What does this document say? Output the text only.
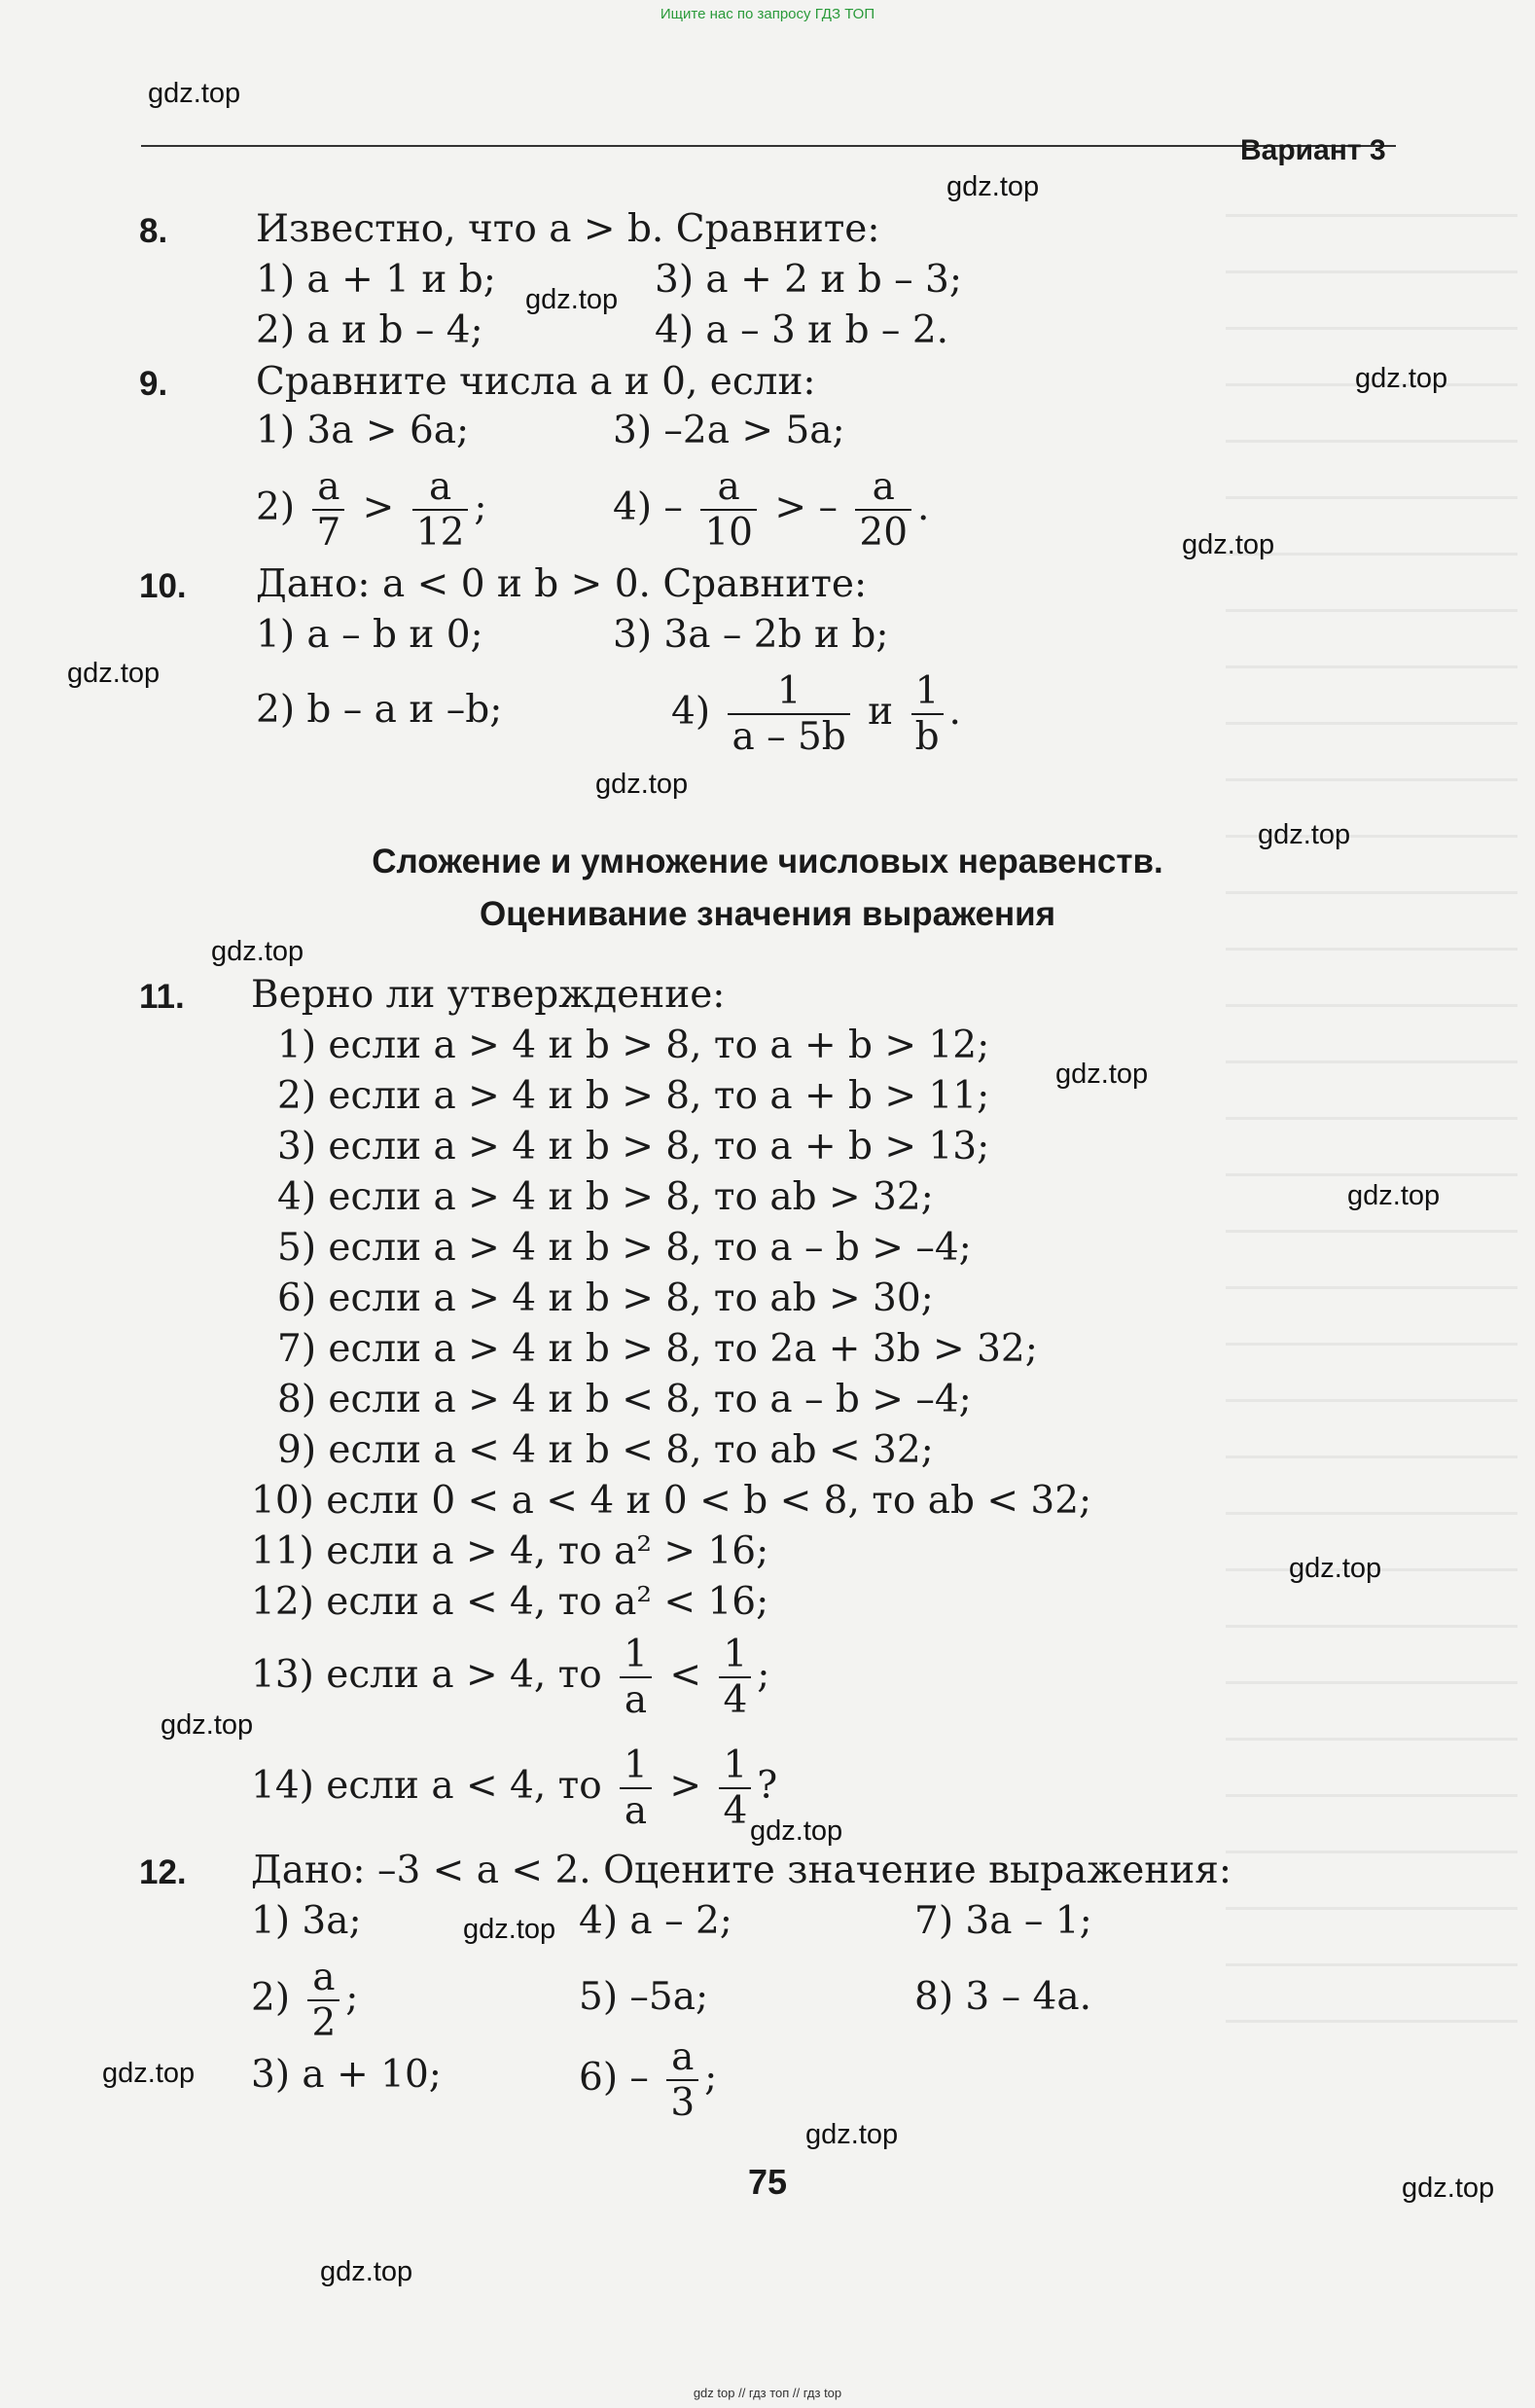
Ищите нас по запросу ГДЗ ТОП
Вариант 3
gdz.top
gdz.top
gdz.top
gdz.top
gdz.top
gdz.top
gdz.top
gdz.top
gdz.top
gdz.top
gdz.top
gdz.top
gdz.top
gdz.top
gdz.top
gdz.top
gdz.top
gdz.top
gdz.top
8. Известно, что a > b. Сравните:
1) a + 1 и b;	3) a + 2 и b – 3;
2) a и b – 4;	4) a – 3 и b – 2.
9. Сравните числа a и 0, если:
1) 3a > 6a;	3) –2a > 5a;
$2) \frac{a}{7} > \frac{a}{12}$ ;	$4) - \frac{a}{10}$ > – $\frac{a}{20}$ .
10. Дано: a < 0 и b > 0. Сравните:
1) a – b и 0;	3) 3a – 2b и b;
2) b – a и –b;	$4) \frac{1}{a - 5b}$ и $\frac{1}{b}$ .
Сложение и умножение числовых неравенств.
Оценивание значения выражения
11. Верно ли утверждение:
1) если a > 4 и b > 8, то a + b > 12;
2) если a > 4 и b > 8, то a + b > 11;
3) если a > 4 и b > 8, то a + b > 13;
4) если a > 4 и b > 8, то ab > 32;
5) если a > 4 и b > 8, то a – b > –4;
6) если a > 4 и b > 8, то ab > 30;
7) если a > 4 и b > 8, то 2a + 3b > 32;
8) если a > 4 и b < 8, то a – b > –4;
9) если a < 4 и b < 8, то ab < 32;
10) если 0 < a < 4 и 0 < b < 8, то ab < 32;
11) если a > 4, то a² > 16;
12) если a < 4, то a² < 16;
13) если a > 4, то $\frac{1}{a} < \frac{1}{4}$ ;
14) если a < 4, то $\frac{1}{a} > \frac{1}{4}$ ?
12. Дано: –3 < a < 2. Оцените значение выражения:
1) 3a;	4) a – 2;	7) 3a – 1;
$2) \frac{a}{2}$ ;	5) –5a;	8) 3 – 4a.
3) a + 10;	$6) - \frac{a}{3}$ ;
75
gdz top // гдз топ // гдз top
